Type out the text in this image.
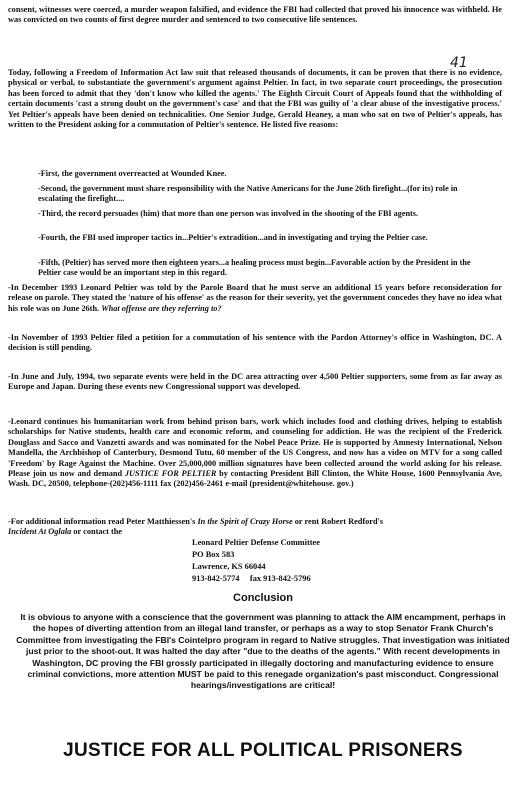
consent, witnesses were coerced, a murder weapon falsified, and evidence the FBI had collected that proved his innocence was withheld. He was convicted on two counts of first degree murder and sentenced to two consecutive life sentences.

41

Today, following a Freedom of Information Act law suit that released thousands of documents, it can be proven that there is no evidence, physical or verbal, to substantiate the government's argument against Peltier. In fact, in two separate court proceedings, the prosecution has been forced to admit that they 'don't know who killed the agents.' The Eighth Circuit Court of Appeals found that the withholding of certain documents 'cast a strong doubt on the government's case' and that the FBI was guilty of 'a clear abuse of the investigative process.' Yet Peltier's appeals have been denied on technicalities. One Senior Judge, Gerald Heaney, a man who sat on two of Peltier's appeals, has written to the President asking for a commutation of Peltier's sentence. He listed five reasons:

-First, the government overreacted at Wounded Knee.

-Second, the government must share responsibility with the Native Americans for the June 26th firefight...(for its) role in escalating the firefight....

-Third, the record persuades (him) that more than one person was involved in the shooting of the FBI agents.

-Fourth, the FBI used improper tactics in...Peltier's extradition...and in investigating and trying the Peltier case.

-Fifth, (Peltier) has served more then eighteen years...a healing process must begin...Favorable action by the President in the Peltier case would be an important step in this regard.

-In December 1993 Leonard Peltier was told by the Parole Board that he must serve an additional 15 years before reconsideration for release on parole. They stated the 'nature of his offense' as the reason for their severity, yet the government concedes they have no idea what his role was on June 26th. What offense are they referring to?

-In November of 1993 Peltier filed a petition for a commutation of his sentence with the Pardon Attorney's office in Washington, DC. A decision is still pending.

-In June and July, 1994, two separate events were held in the DC area attracting over 4,500 Peltier supporters, some from as far away as Europe and Japan. During these events new Congressional support was developed.

-Leonard continues his humanitarian work from behind prison bars, work which includes food and clothing drives, helping to establish scholarships for Native students, health care and economic reform, and counseling for addiction. He was the recipient of the Frederick Douglass and Sacco and Vanzetti awards and was nominated for the Nobel Peace Prize. He is supported by Amnesty International, Nelson Mandella, the Archbishop of Canterbury, Desmond Tutu, 60 member of the US Congress, and now has a video on MTV for a song called 'Freedom' by Rage Against the Machine. Over 25,000,000 million signatures have been collected around the world asking for his release. Please join us now and demand JUSTICE FOR PELTIER by contacting President Bill Clinton, the White House, 1600 Pennsylvania Ave, Wash. DC, 20500, telephone-(202)456-1111 fax (202)456-2461 e-mail (president@whitehouse. gov.)

-For additional information read Peter Matthiessen's In the Spirit of Crazy Horse or rent Robert Redford's
Incident At Oglala or contact the

Leonard Peltier Defense Committee
PO Box 583
Lawrence, KS 66044
913-842-5774     fax 913-842-5796
Conclusion

It is obvious to anyone with a conscience that the government was planning to attack the AIM encampment, perhaps in the hopes of diverting attention from an illegal land transfer, or perhaps as a way to stop Senator Frank Church's Committee from investigating the FBI's Cointelpro program in regard to Native struggles. That investigation was initiated just prior to the shoot-out. It was halted the day after "due to the deaths of the agents." With recent developments in Washington, DC proving the FBI grossly participated in illegally doctoring and manufacturing evidence to ensure criminal convictions, more attention MUST be paid to this renegade organization's past misconduct. Congressional hearings/investigations are critical!

JUSTICE FOR ALL POLITICAL PRISONERS
